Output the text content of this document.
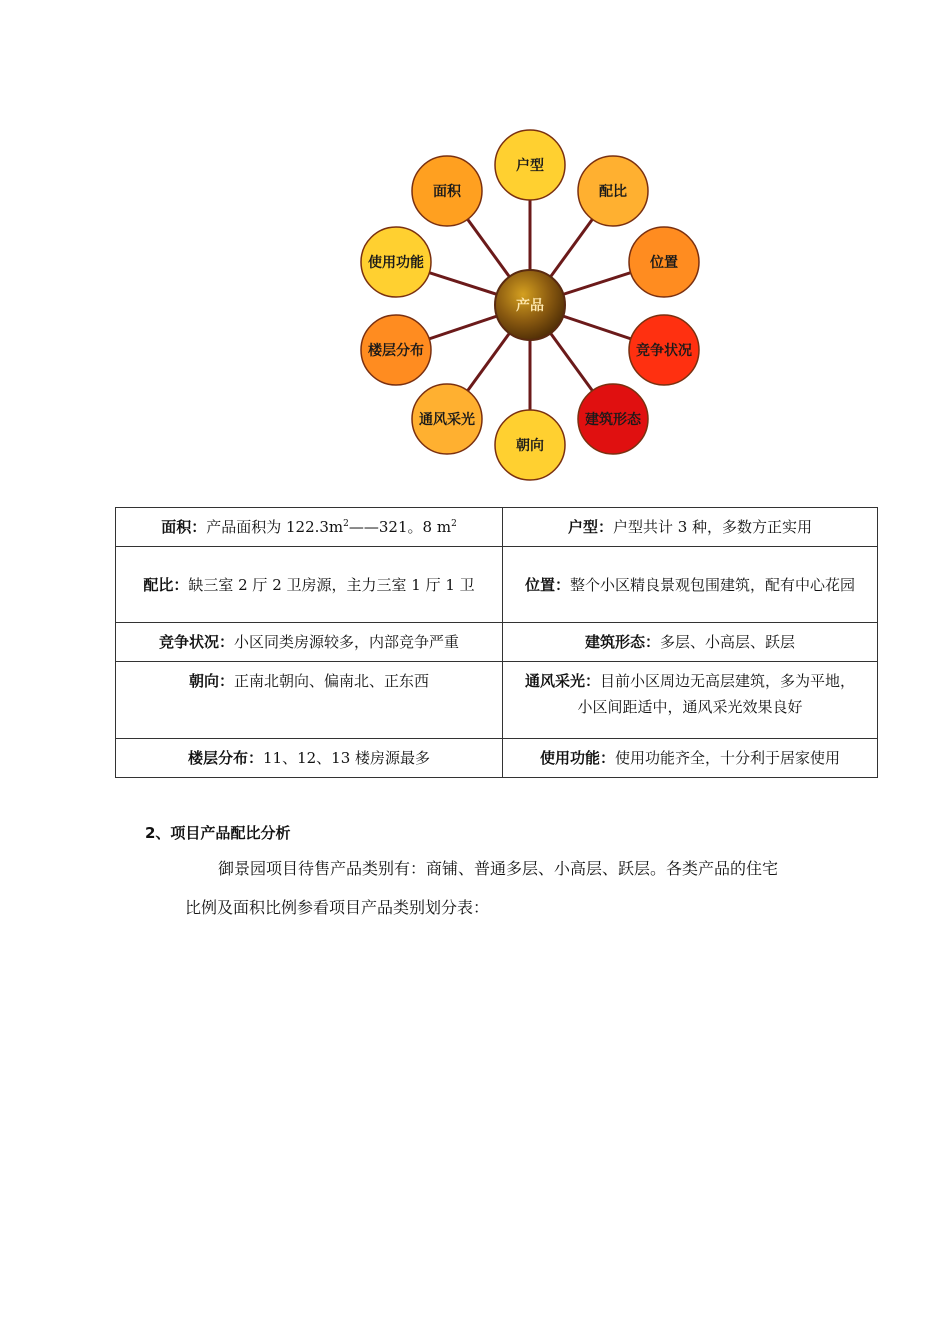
户型
配比
位置
竞争状况
建筑形态
朝向
通风采光
楼层分布
使用功能
面积
产品
面积：产品面积为 $122.3m^2——321$。8 $m^2$	户型：户型共计 3 种，多数方正实用
配比：缺三室 2 厅 2 卫房源，主力三室 1 厅 1 卫	位置：整个小区精良景观包围建筑，配有中心花园
竞争状况：小区同类房源较多，内部竞争严重	建筑形态：多层、小高层、跃层
朝向：正南北朝向、偏南北、正东西	通风采光：目前小区周边无高层建筑，多为平地，
小区间距适中，通风采光效果良好
楼层分布：11、12、13 楼房源最多	使用功能：使用功能齐全，十分利于居家使用
2、项目产品配比分析
御景园项目待售产品类别有：商铺、普通多层、小高层、跃层。各类产品的住宅
比例及面积比例参看项目产品类别划分表：
